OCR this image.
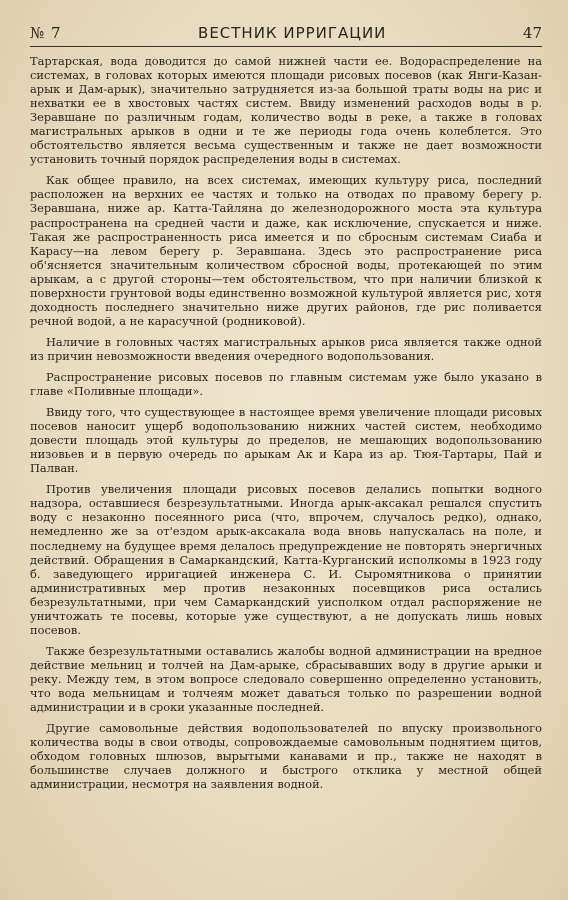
№ 7	ВЕСТНИК ИРРИГАЦИИ	47

Тартарская, вода доводится до самой нижней части ее. Водораспределение на системах, в головах которых имеются площади рисовых посевов (как Янги-Казан-арык и Дам-арык), значительно затрудняется из-за большой траты воды на рис и нехватки ее в хвостовых частях систем. Ввиду изменений расходов воды в р. Зеравшане по различным годам, количество воды в реке, а также в головах магистральных арыков в одни и те же периоды года очень колеблется. Это обстоятельство является весьма существенным и также не дает возможности установить точный порядок распределения воды в системах.

Как общее правило, на всех системах, имеющих культуру риса, последний расположен на верхних ее частях и только на отводах по правому берегу р. Зеравшана, ниже ар. Катта-Тайляна до железнодорожного моста эта культура распространена на средней части и даже, как исключение, спускается и ниже. Такая же распространенность риса имеется и по сбросным системам Сиаба и Карасу—на левом берегу р. Зеравшана. Здесь это распространение риса об'ясняется значительным количеством сбросной воды, протекающей по этим арыкам, а с другой стороны—тем обстоятельством, что при наличии близкой к поверхности грунтовой воды единственно возможной культурой является рис, хотя доходность последнего значительно ниже других районов, где рис поливается речной водой, а не карасучной (родниковой).

Наличие в головных частях магистральных арыков риса является также одной из причин невозможности введения очередного водопользования.

Распространение рисовых посевов по главным системам уже было указано в главе «Поливные площади».

Ввиду того, что существующее в настоящее время увеличение площади рисовых посевов наносит ущерб водопользованию нижних частей систем, необходимо довести площадь этой культуры до пределов, не мешающих водопользованию низовьев и в первую очередь по арыкам Ак и Кара из ар. Тюя-Тартары, Пай и Палван.

Против увеличения площади рисовых посевов делались попытки водного надзора, оставшиеся безрезультатными. Иногда арык-аксакал решался спустить воду с незаконно посеянного риса (что, впрочем, случалось редко), однако, немедленно же за от'ездом арык-аксакала вода вновь напускалась на поле, и последнему на будущее время делалось предупреждение не повторять энергичных действий. Обращения в Самаркандский, Катта-Курганский исполкомы в 1923 году б. заведующего ирригацией инженера С. И. Сыромятникова о принятии административных мер против незаконных посевщиков риса остались безрезультатными, при чем Самаркандский уисполком отдал распоряжение не уничтожать те посевы, которые уже существуют, а не допускать лишь новых посевов.

Также безрезультатными оставались жалобы водной администрации на вредное действие мельниц и толчей на Дам-арыке, сбрасывавших воду в другие арыки и реку. Между тем, в этом вопросе следовало совершенно определенно установить, что вода мельницам и толчеям может даваться только по разрешении водной администрации и в сроки указанные последней.

Другие самовольные действия водопользователей по впуску произвольного количества воды в свои отводы, сопровождаемые самовольным поднятием щитов, обходом головных шлюзов, вырытыми канавами и пр., также не находят в большинстве случаев должного и быстрого отклика у местной общей администрации, несмотря на заявления водной.
